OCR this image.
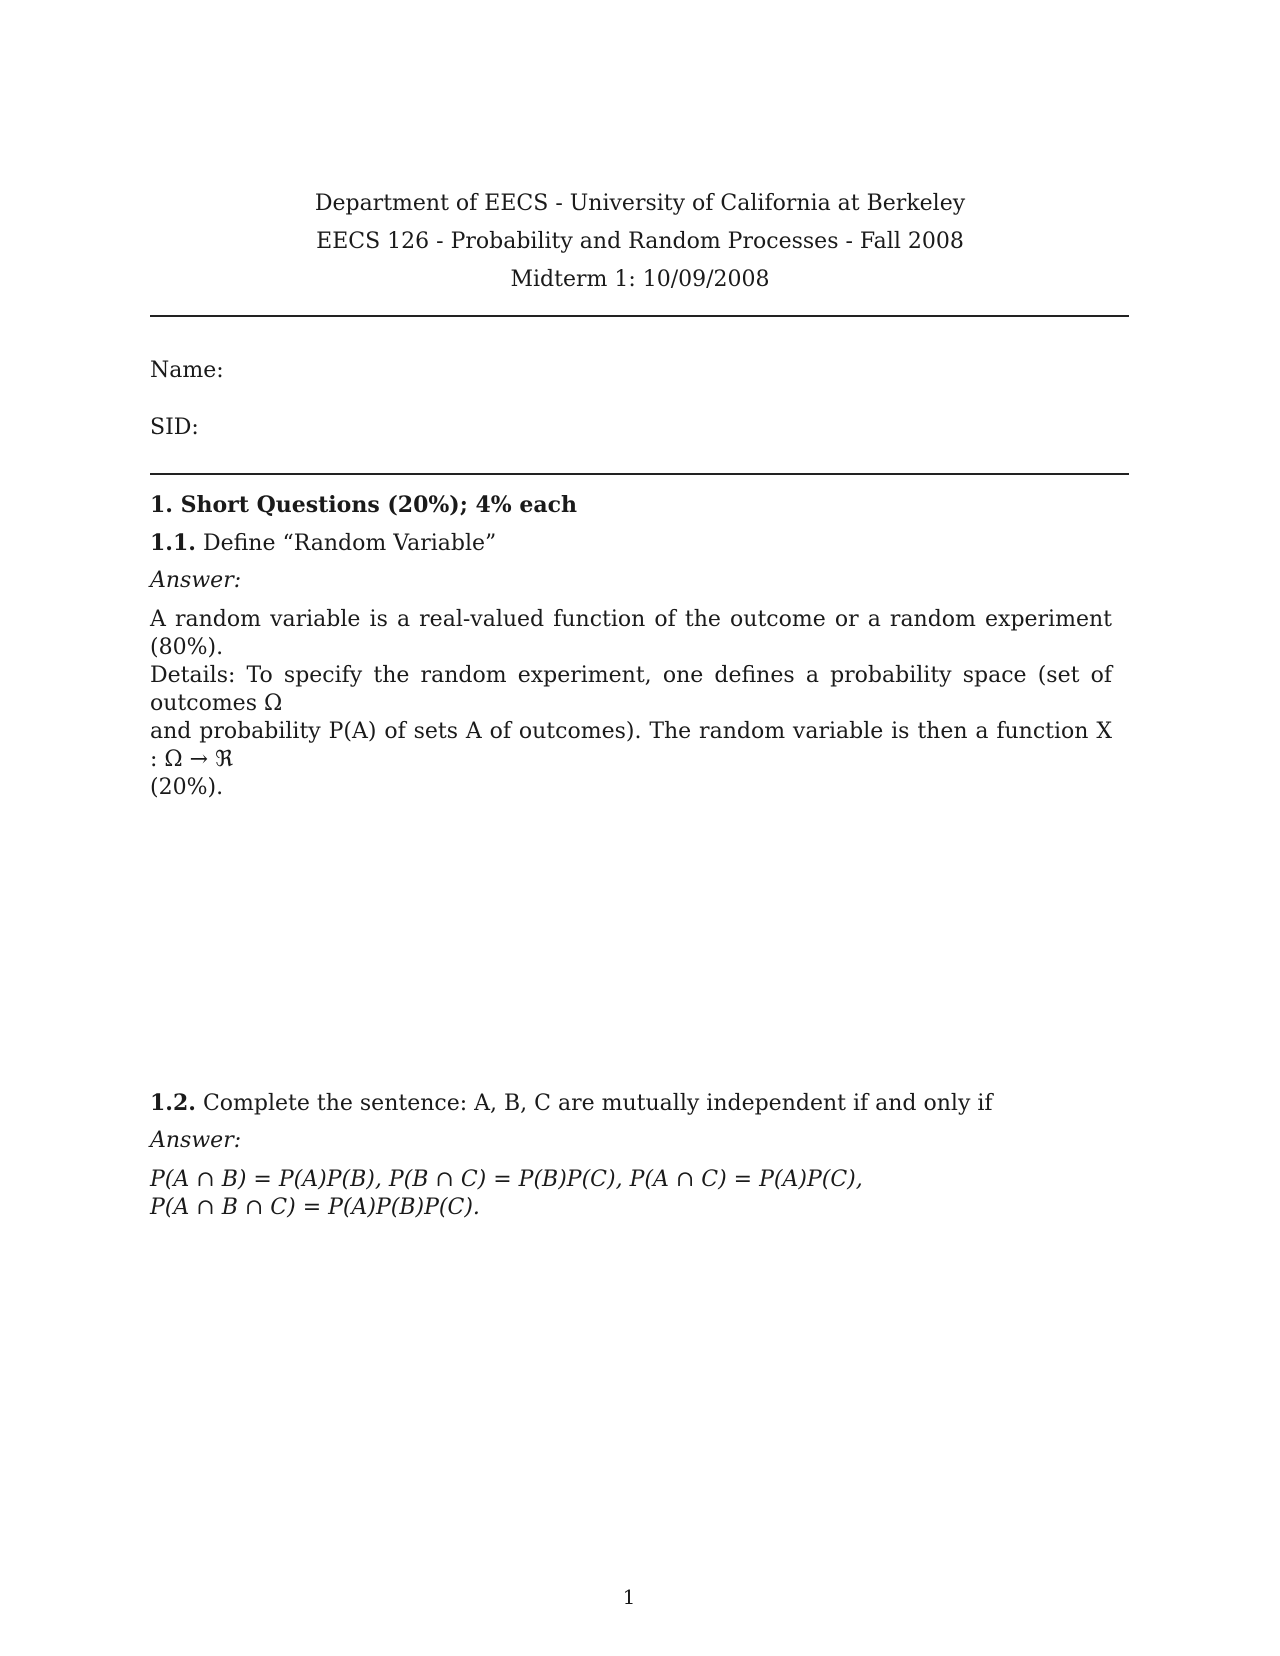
Department of EECS - University of California at Berkeley
EECS 126 - Probability and Random Processes - Fall 2008
Midterm 1: 10/09/2008
Name:
SID:
1. Short Questions (20%); 4% each
1.1. Define “Random Variable”
Answer:
A random variable is a real-valued function of the outcome or a random experiment (80%).
Details: To specify the random experiment, one defines a probability space (set of outcomes Ω
and probability P(A) of sets A of outcomes). The random variable is then a function X : Ω → ℜ
(20%).
1.2. Complete the sentence: A, B, C are mutually independent if and only if
Answer:
P(A ∩ B) = P(A)P(B), P(B ∩ C) = P(B)P(C), P(A ∩ C) = P(A)P(C),
P(A ∩ B ∩ C) = P(A)P(B)P(C).
1
